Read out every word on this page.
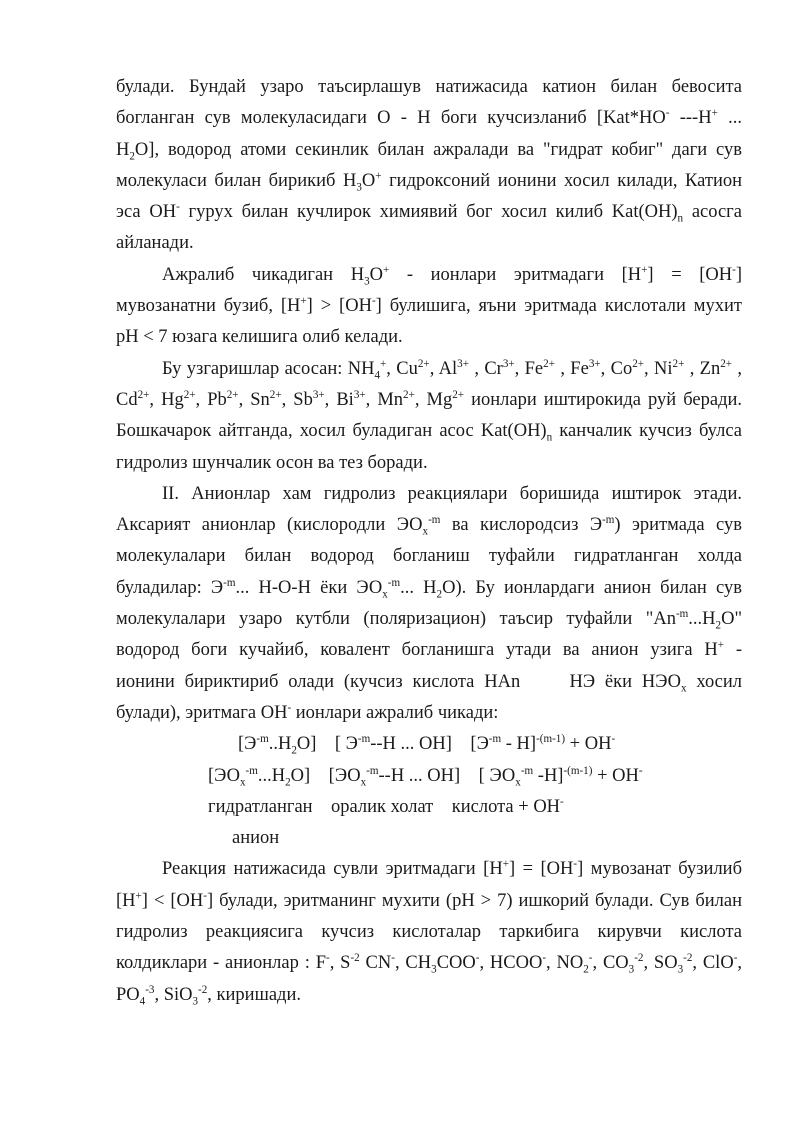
булади. Бундай узаро таъсирлашув натижасида катион билан бевосита
богланган сув молекуласидаги О - Н боги кучсизланиб [Kat*HO- ---H+ ...
$H_2O$], водород атоми секинлик билан ажралади ва "гидрат кобиг" даги сув
молекуласи билан бирикиб $Н_3O^+$ гидроксоний ионини хосил килади, Катион
эса ОН- гурух билан кучлирок химиявий бог хосил килиб $Kat(OH)_n$ асосга
айланади.
Ажралиб чикадиган $H_3O^+$ - ионлари эритмадаги [H+] = [OH-]
мувозанатни бузиб, [H+] > [OH-] булишига, яъни эритмада кислотали мухит
pH < 7 юзага келишига олиб келади.
Бу узгаришлар асосан: $NH_4^+$, $Cu^{2+}$, $Al^{3+}$ , $Cr^{3+}$, $Fe^{2+}$ , $Fe^{3+}$, $Co^{2+}$, $Ni^{2+}$ , $Zn^{2+}$ ,
$Cd^{2+}$, $Hg^{2+}$, $Pb^{2+}$, $Sn^{2+}$, $Sb^{3+}$, $Bi^{3+}$, $Mn^{2+}$, $Mg^{2+}$ ионлари иштирокида руй беради.
Бошкачарок айтганда, хосил буладиган асос $Kat(OH)_n$ канчалик кучсиз булса
гидролиз шунчалик осон ва тез боради.
II. Анионлар хам гидролиз реакциялари боришида иштирок этади.
Аксарият анионлар (кислородли $ЭО_x^{-m}$ ва кислородсиз $Э^{-m}$) эритмада сув
молекулалари билан водород богланиш туфайли гидратланган холда
буладилар: $Э^{-m}$... H-O-H ёки $ЭО_x^{-m}$... $H_2O$). Бу ионлардаги анион билан сув
молекулалари узаро кутбли (поляризацион) таъсир туфайли "$An^{-m}...H_2O$"
водород боги кучайиб, ковалент богланишга утади ва анион узига Н+ -
ионини бириктириб олади (кучсиз кислота HAn     НЭ ёки $НЭО_x$ хосил
булади), эритмага ОН- ионлари ажралиб чикади:
$[Э^{-m}..H_2O]$    [ $Э^{-m}--H$ ... OH]    $[Э^{-m} - H]^{-(m-1)} + OH^-$
$[ЭО_x^{-m}...H_2O]$    [$ЭО_x^{-m}--H$ ... OH]    [ $ЭО_x^{-m}$ -H]$^{-(m-1)}$ + OH-
гидратланган    оралик холат    кислота + OH-
анион
Реакция натижасида сувли эритмадаги [H+] = [OH-] мувозанат бузилиб
[H+] < [OH-] булади, эритманинг мухити (рН > 7) ишкорий булади. Сув билан
гидролиз реакциясига кучсиз кислоталар таркибига кирувчи кислота
колдиклари - анионлар : F-, $S^{-2}$ CN-, $CH_3COO^-$, HCOO-, $NO_2^-$, $CO_3^{-2}$, $SO_3^{-2}$, ClO-,
$PO_4^{-3}$, SiO$_3^{-2}$, киришади.
